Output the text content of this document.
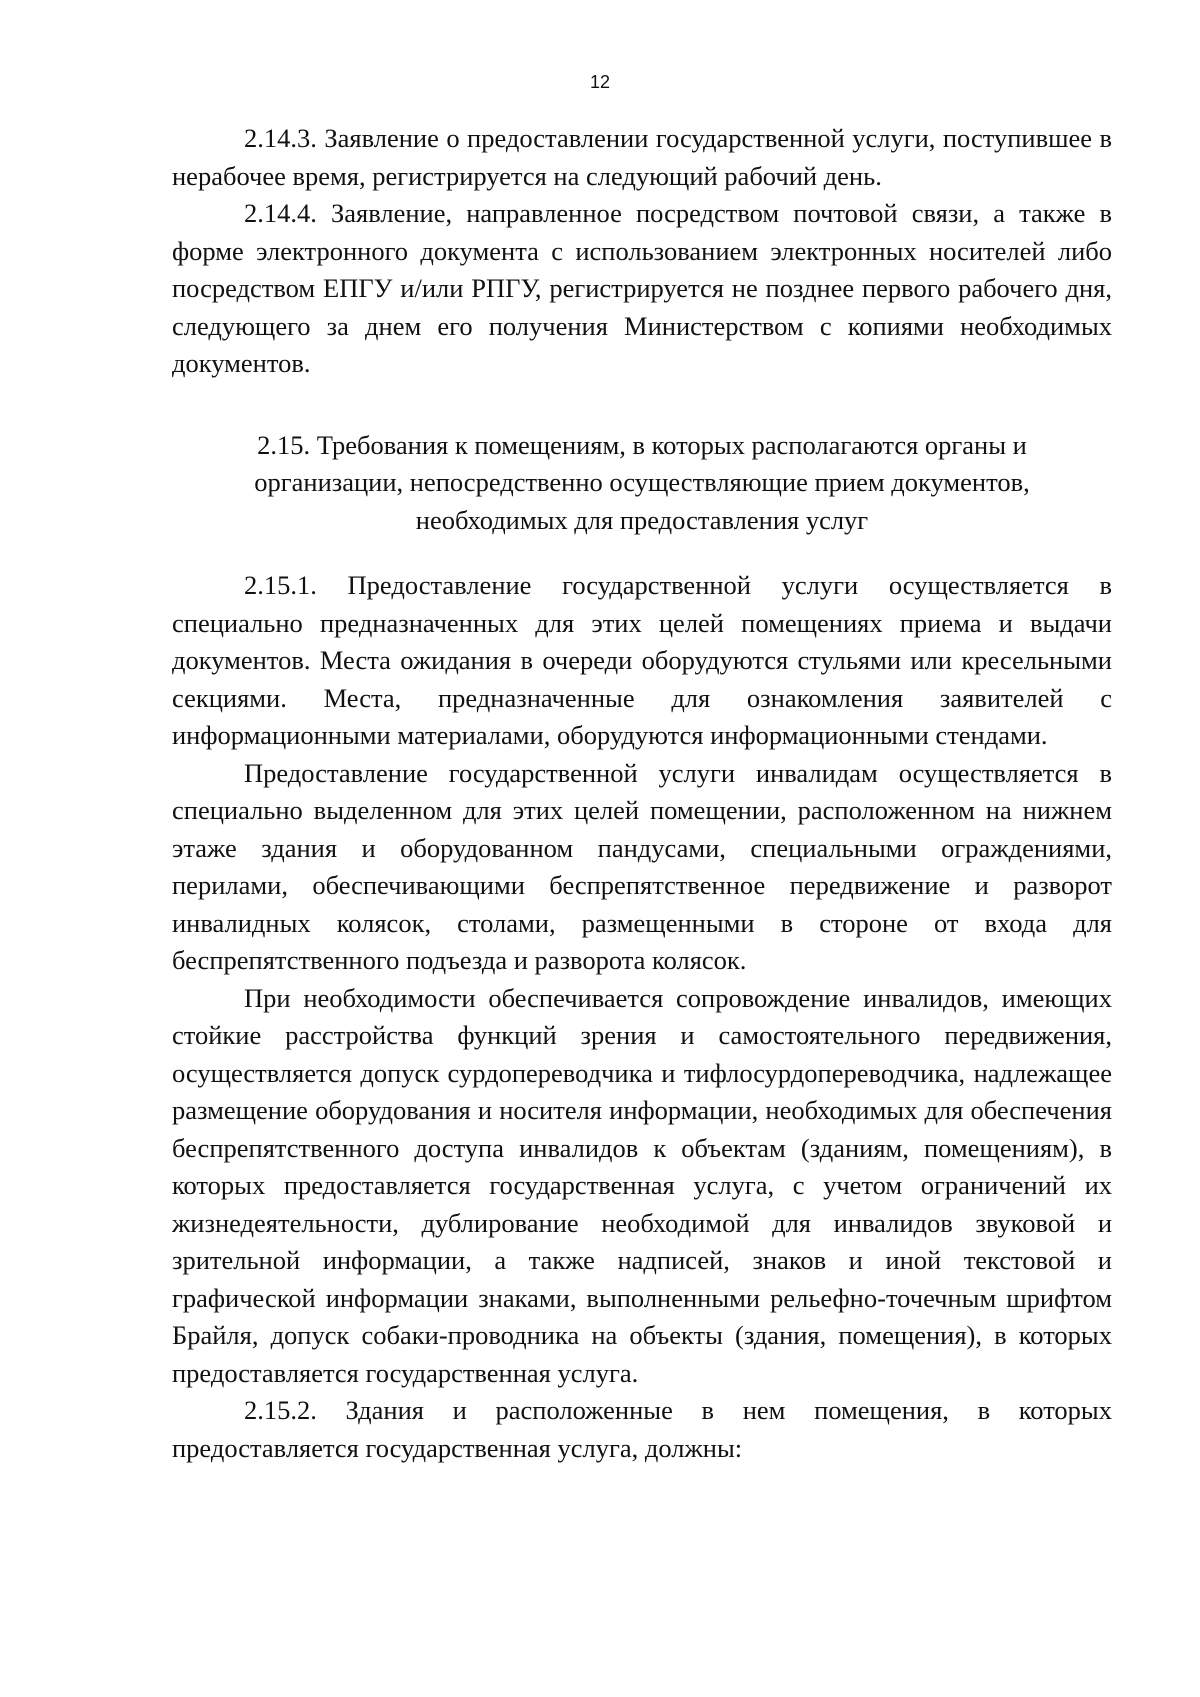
12

2.14.3. Заявление о предоставлении государственной услуги, поступившее в нерабочее время, регистрируется на следующий рабочий день.

2.14.4. Заявление, направленное посредством почтовой связи, а также в форме электронного документа с использованием электронных носителей либо посредством ЕПГУ и/или РПГУ, регистрируется не позднее первого рабочего дня, следующего за днем его получения Министерством с копиями необходимых документов.

2.15. Требования к помещениям, в которых располагаются органы и
организации, непосредственно осуществляющие прием документов,
необходимых для предоставления услуг

2.15.1. Предоставление государственной услуги осуществляется в специально предназначенных для этих целей помещениях приема и выдачи документов. Места ожидания в очереди оборудуются стульями или кресельными секциями. Места, предназначенные для ознакомления заявителей с информационными материалами, оборудуются информационными стендами.

Предоставление государственной услуги инвалидам осуществляется в специально выделенном для этих целей помещении, расположенном на нижнем этаже здания и оборудованном пандусами, специальными ограждениями, перилами, обеспечивающими беспрепятственное передвижение и разворот инвалидных колясок, столами, размещенными в стороне от входа для беспрепятственного подъезда и разворота колясок.

При необходимости обеспечивается сопровождение инвалидов, имеющих стойкие расстройства функций зрения и самостоятельного передвижения, осуществляется допуск сурдопереводчика и тифлосурдопереводчика, надлежащее размещение оборудования и носителя информации, необходимых для обеспечения беспрепятственного доступа инвалидов к объектам (зданиям, помещениям), в которых предоставляется государственная услуга, с учетом ограничений их жизнедеятельности, дублирование необходимой для инвалидов звуковой и зрительной информации, а также надписей, знаков и иной текстовой и графической информации знаками, выполненными рельефно-точечным шрифтом Брайля, допуск собаки-проводника на объекты (здания, помещения), в которых предоставляется государственная услуга.

2.15.2. Здания и расположенные в нем помещения, в которых предоставляется государственная услуга, должны:
